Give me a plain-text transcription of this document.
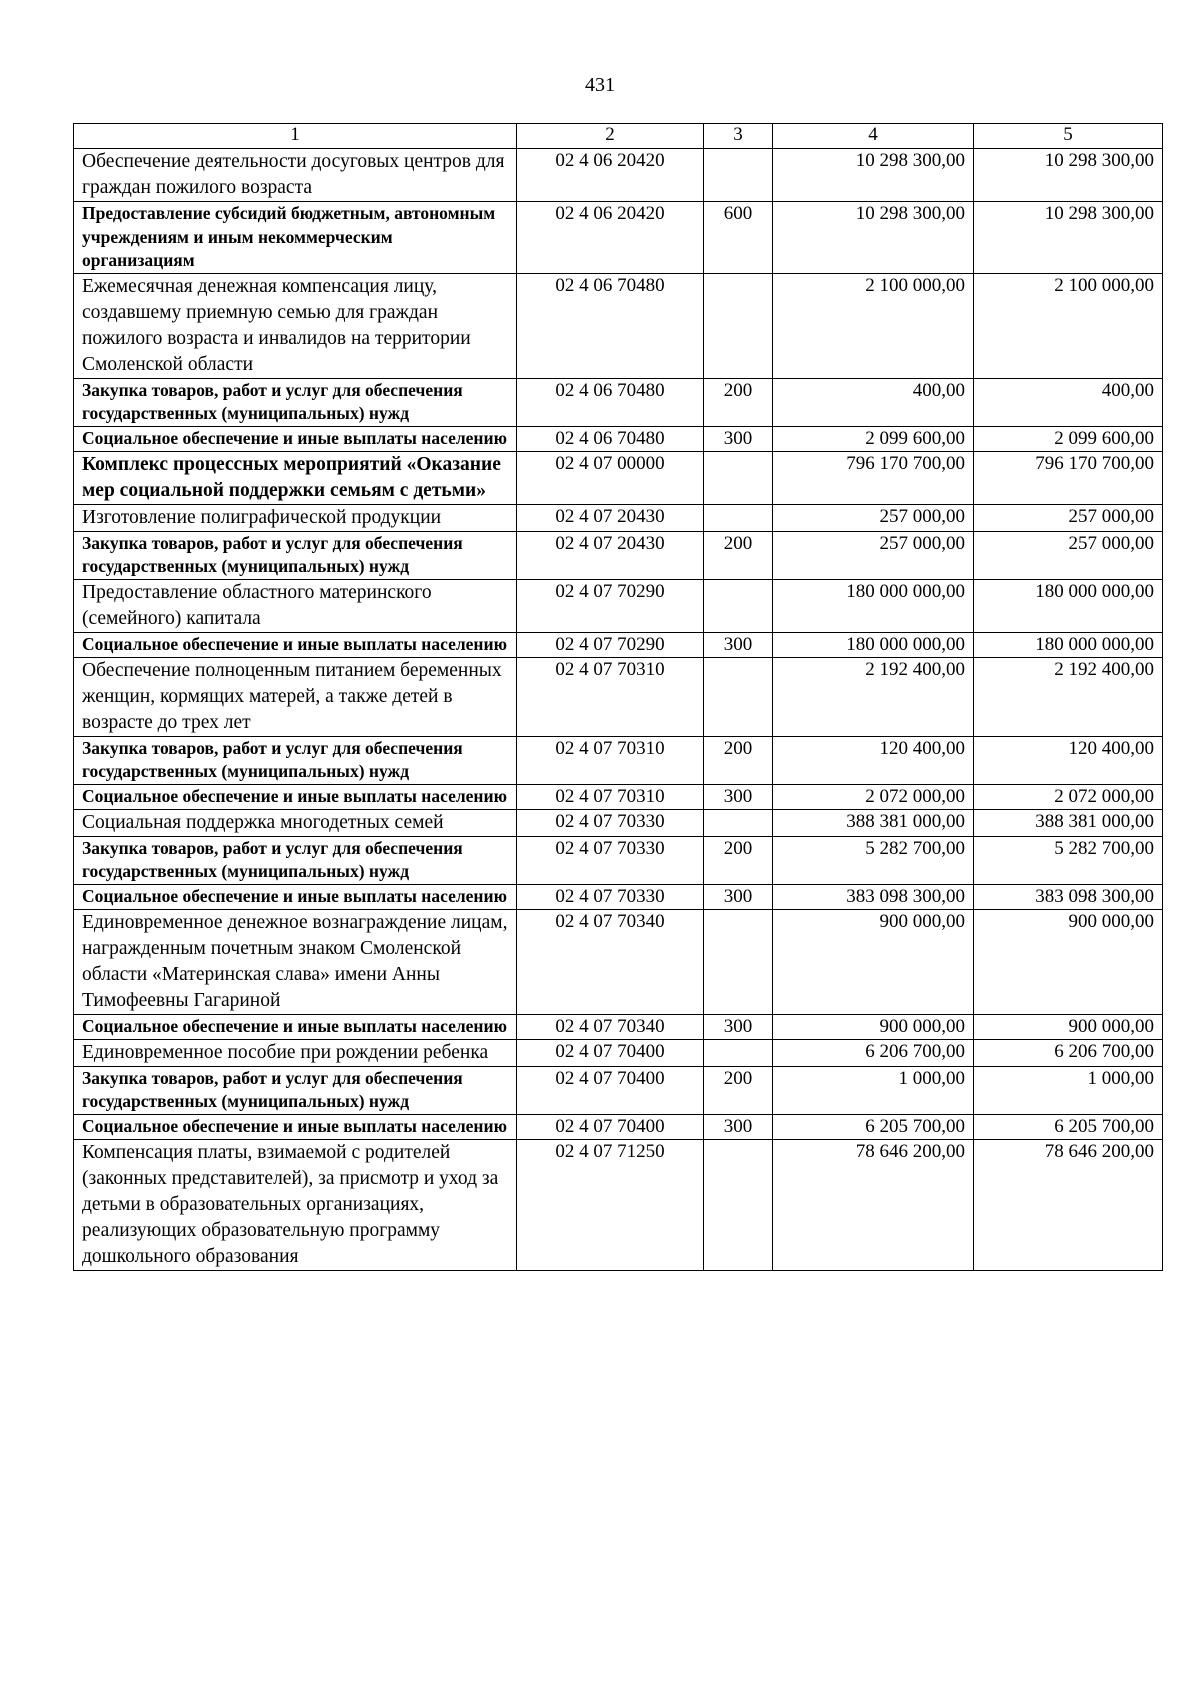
431
1	2	3	4	5
Обеспечение деятельности досуговых центров для граждан пожилого возраста	02 4 06 20420		10 298 300,00	10 298 300,00
Предоставление субсидий бюджетным, автономным учреждениям и иным некоммерческим организациям	02 4 06 20420	600	10 298 300,00	10 298 300,00
Ежемесячная денежная компенсация лицу, создавшему приемную семью для граждан пожилого возраста и инвалидов на территории Смоленской области	02 4 06 70480		2 100 000,00	2 100 000,00
Закупка товаров, работ и услуг для обеспечения государственных (муниципальных) нужд	02 4 06 70480	200	400,00	400,00
Социальное обеспечение и иные выплаты населению	02 4 06 70480	300	2 099 600,00	2 099 600,00
Комплекс процессных мероприятий «Оказание мер социальной поддержки семьям с детьми»	02 4 07 00000		796 170 700,00	796 170 700,00
Изготовление полиграфической продукции	02 4 07 20430		257 000,00	257 000,00
Закупка товаров, работ и услуг для обеспечения государственных (муниципальных) нужд	02 4 07 20430	200	257 000,00	257 000,00
Предоставление областного материнского (семейного) капитала	02 4 07 70290		180 000 000,00	180 000 000,00
Социальное обеспечение и иные выплаты населению	02 4 07 70290	300	180 000 000,00	180 000 000,00
Обеспечение полноценным питанием беременных женщин, кормящих матерей, а также детей в возрасте до трех лет	02 4 07 70310		2 192 400,00	2 192 400,00
Закупка товаров, работ и услуг для обеспечения государственных (муниципальных) нужд	02 4 07 70310	200	120 400,00	120 400,00
Социальное обеспечение и иные выплаты населению	02 4 07 70310	300	2 072 000,00	2 072 000,00
Социальная поддержка многодетных семей	02 4 07 70330		388 381 000,00	388 381 000,00
Закупка товаров, работ и услуг для обеспечения государственных (муниципальных) нужд	02 4 07 70330	200	5 282 700,00	5 282 700,00
Социальное обеспечение и иные выплаты населению	02 4 07 70330	300	383 098 300,00	383 098 300,00
Единовременное денежное вознаграждение лицам, награжденным почетным знаком Смоленской области «Материнская слава» имени Анны Тимофеевны Гагариной	02 4 07 70340		900 000,00	900 000,00
Социальное обеспечение и иные выплаты населению	02 4 07 70340	300	900 000,00	900 000,00
Единовременное пособие при рождении ребенка	02 4 07 70400		6 206 700,00	6 206 700,00
Закупка товаров, работ и услуг для обеспечения государственных (муниципальных) нужд	02 4 07 70400	200	1 000,00	1 000,00
Социальное обеспечение и иные выплаты населению	02 4 07 70400	300	6 205 700,00	6 205 700,00
Компенсация платы, взимаемой с родителей (законных представителей), за присмотр и уход за детьми в образовательных организациях, реализующих образовательную программу дошкольного образования	02 4 07 71250		78 646 200,00	78 646 200,00
